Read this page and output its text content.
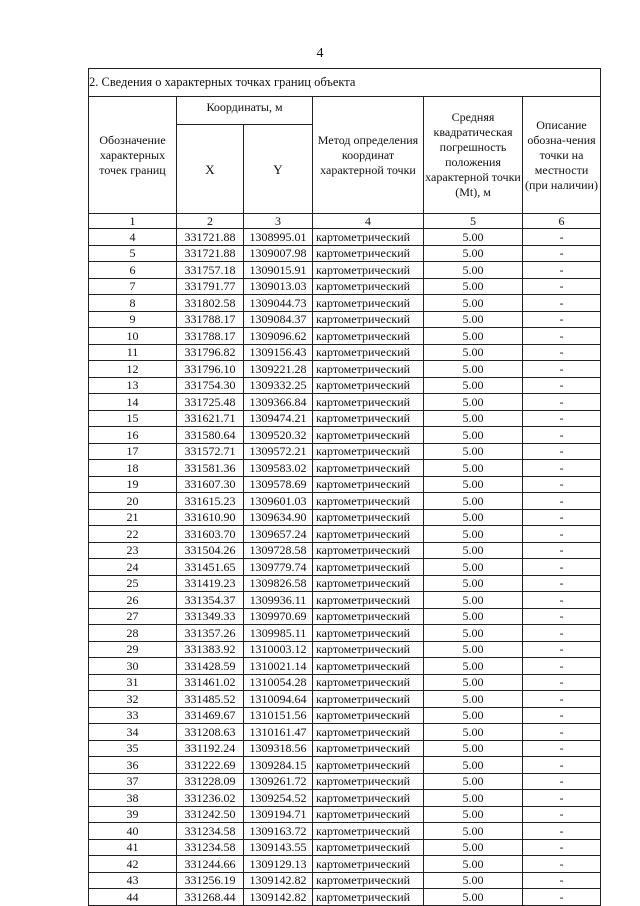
4
2. Сведения о характерных точках границ объекта					
Обозначение характерных точек границ	Координаты, м		Метод определения координат характерной точки	Средняя квадратическая погрешность положения характерной точки (Mt), м	Описание обозна-чения точки на местности (при наличии)
	X	Y			
1	2	3	4	5	6
4	331721.88	1308995.01	картометрический	5.00	-
5	331721.88	1309007.98	картометрический	5.00	-
6	331757.18	1309015.91	картометрический	5.00	-
7	331791.77	1309013.03	картометрический	5.00	-
8	331802.58	1309044.73	картометрический	5.00	-
9	331788.17	1309084.37	картометрический	5.00	-
10	331788.17	1309096.62	картометрический	5.00	-
11	331796.82	1309156.43	картометрический	5.00	-
12	331796.10	1309221.28	картометрический	5.00	-
13	331754.30	1309332.25	картометрический	5.00	-
14	331725.48	1309366.84	картометрический	5.00	-
15	331621.71	1309474.21	картометрический	5.00	-
16	331580.64	1309520.32	картометрический	5.00	-
17	331572.71	1309572.21	картометрический	5.00	-
18	331581.36	1309583.02	картометрический	5.00	-
19	331607.30	1309578.69	картометрический	5.00	-
20	331615.23	1309601.03	картометрический	5.00	-
21	331610.90	1309634.90	картометрический	5.00	-
22	331603.70	1309657.24	картометрический	5.00	-
23	331504.26	1309728.58	картометрический	5.00	-
24	331451.65	1309779.74	картометрический	5.00	-
25	331419.23	1309826.58	картометрический	5.00	-
26	331354.37	1309936.11	картометрический	5.00	-
27	331349.33	1309970.69	картометрический	5.00	-
28	331357.26	1309985.11	картометрический	5.00	-
29	331383.92	1310003.12	картометрический	5.00	-
30	331428.59	1310021.14	картометрический	5.00	-
31	331461.02	1310054.28	картометрический	5.00	-
32	331485.52	1310094.64	картометрический	5.00	-
33	331469.67	1310151.56	картометрический	5.00	-
34	331208.63	1310161.47	картометрический	5.00	-
35	331192.24	1309318.56	картометрический	5.00	-
36	331222.69	1309284.15	картометрический	5.00	-
37	331228.09	1309261.72	картометрический	5.00	-
38	331236.02	1309254.52	картометрический	5.00	-
39	331242.50	1309194.71	картометрический	5.00	-
40	331234.58	1309163.72	картометрический	5.00	-
41	331234.58	1309143.55	картометрический	5.00	-
42	331244.66	1309129.13	картометрический	5.00	-
43	331256.19	1309142.82	картометрический	5.00	-
44	331268.44	1309142.82	картометрический	5.00	-
